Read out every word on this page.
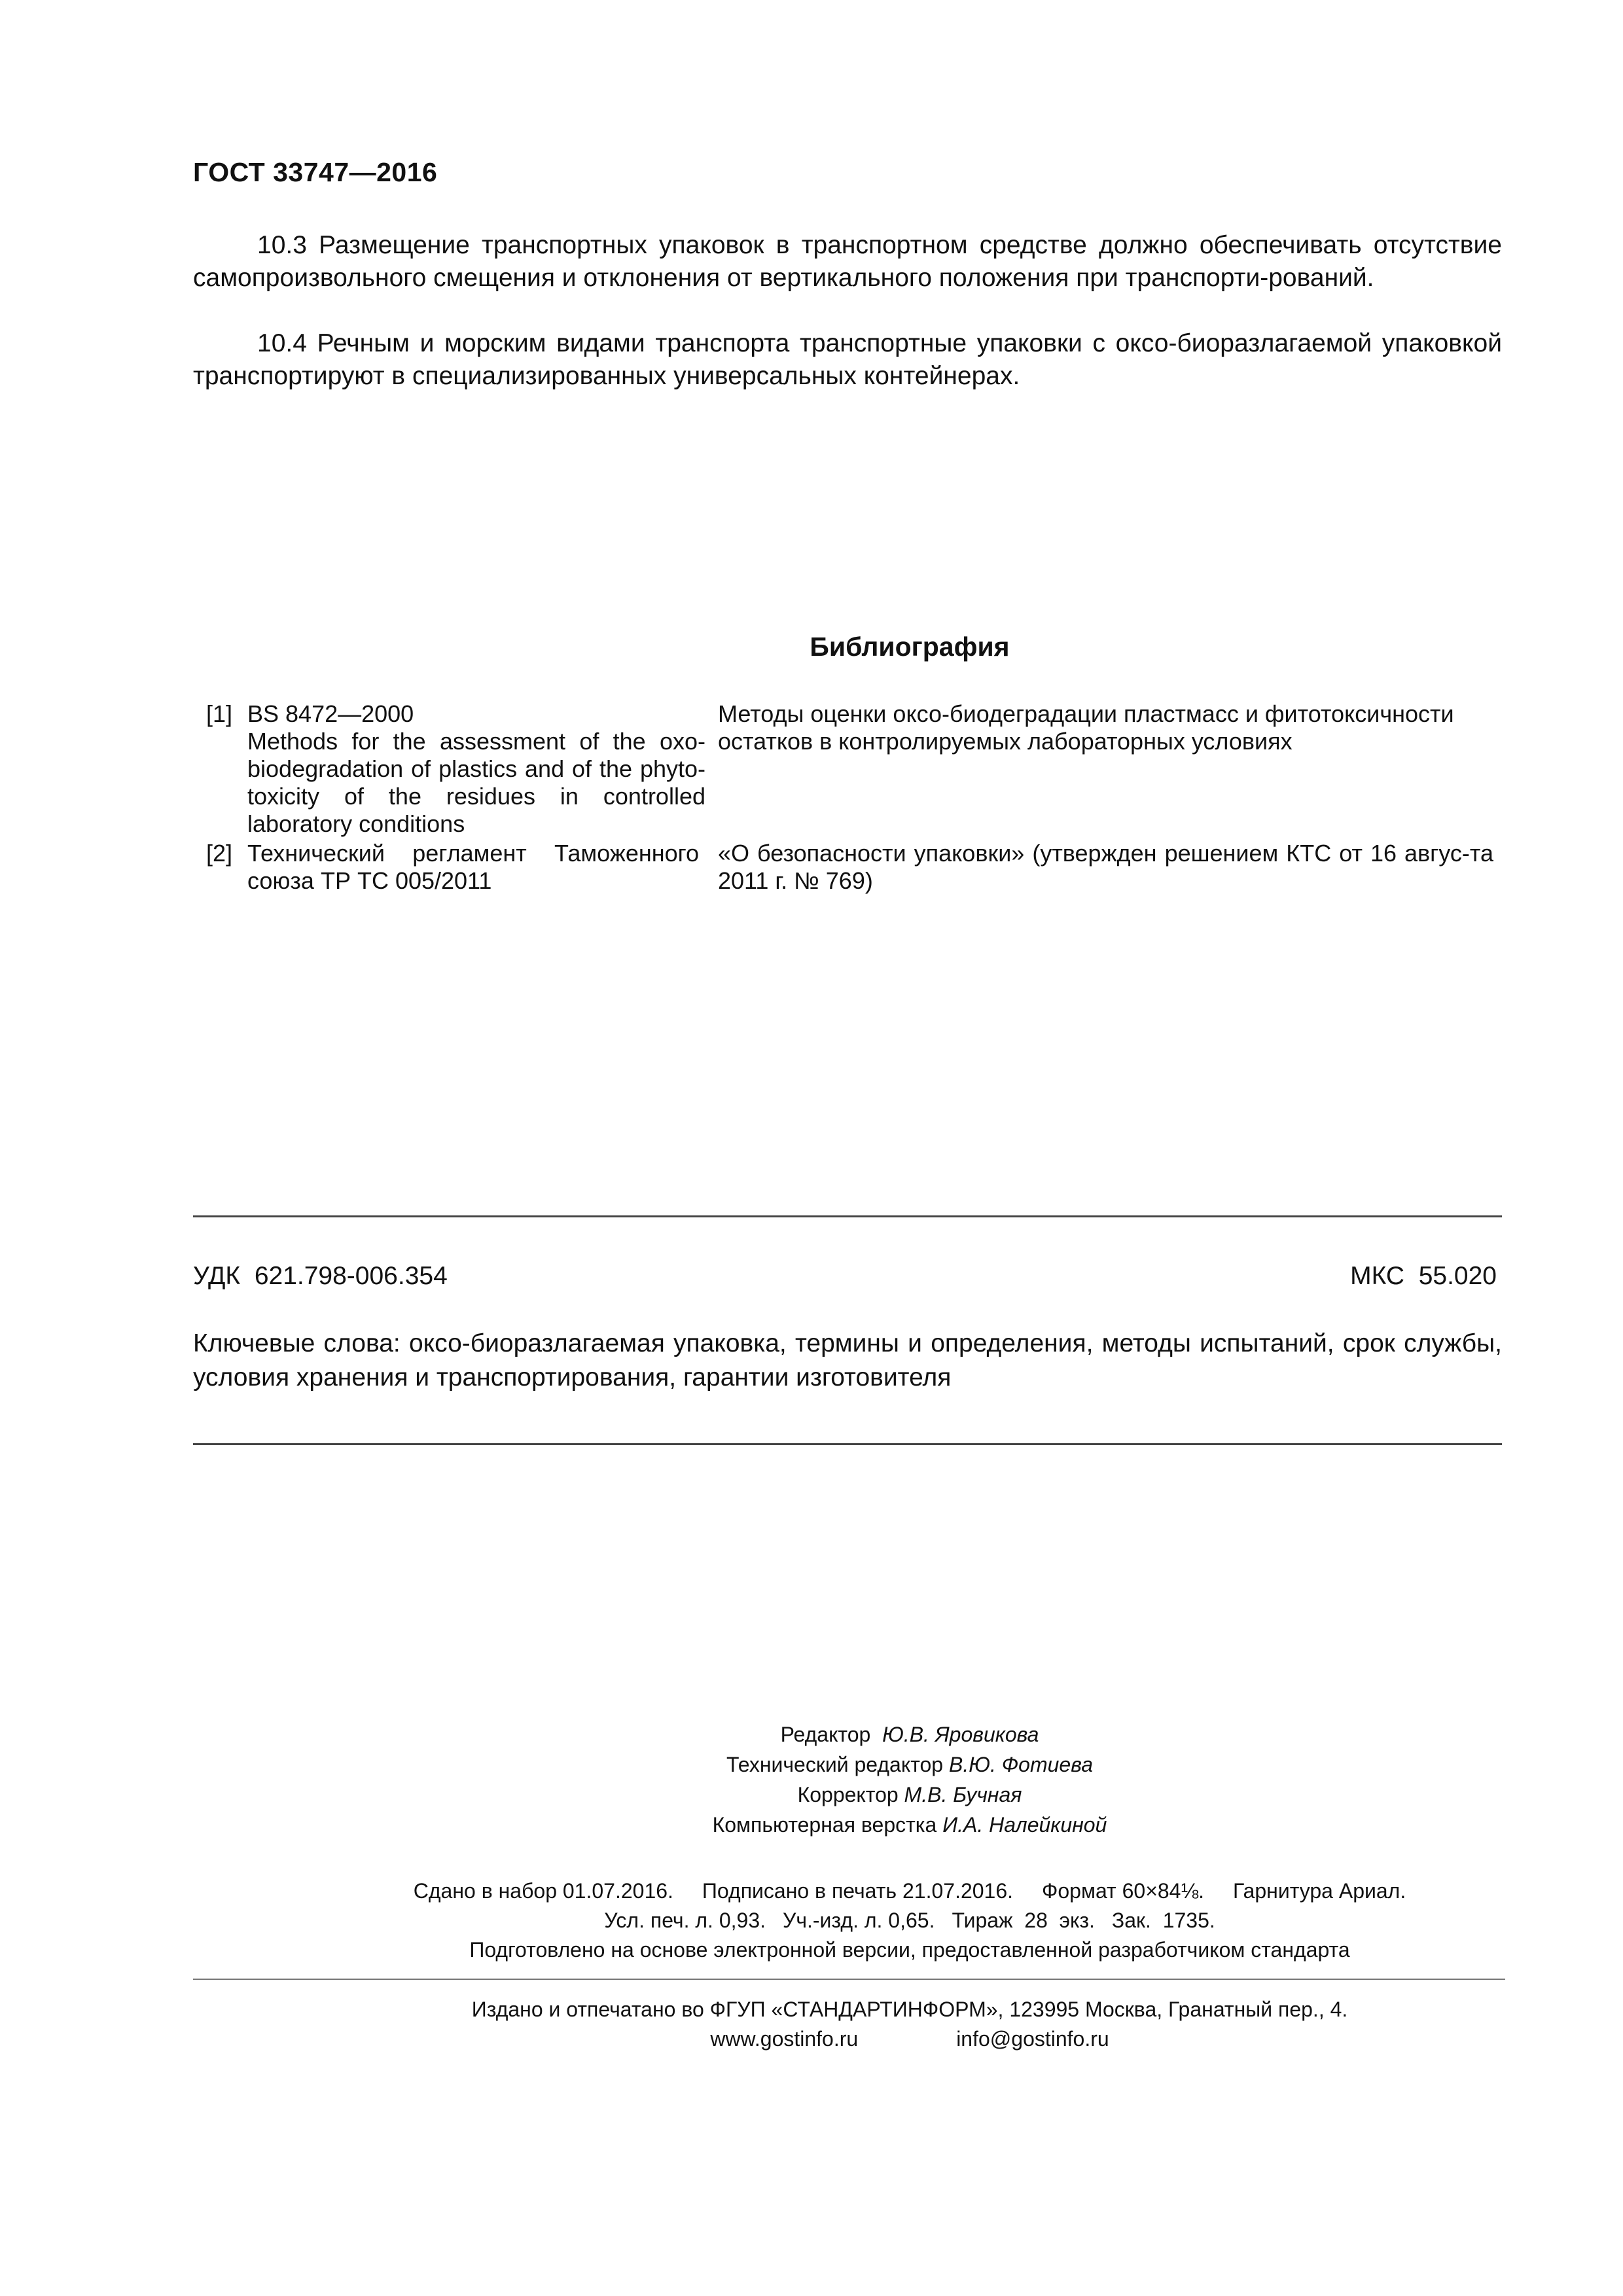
ГОСТ 33747—2016
10.3 Размещение транспортных упаковок в транспортном средстве должно обеспечивать отсутствие самопроизвольного смещения и отклонения от вертикального положения при транспорти-рований.
10.4 Речным и морским видами транспорта транспортные упаковки с оксо-биоразлагаемой упаковкой транспортируют в специализированных универсальных контейнерах.
Библиография
[1] BS 8472—2000
Methods for the assessment of the oxo-biodegradation of plastics and of the phyto-toxicity of the residues in controlled laboratory conditions
Методы оценки оксо-биодеградации пластмасс и фитотоксичности остатков в контролируемых лабораторных условиях
[2] Технический регламент Таможенного союза ТР ТС 005/2011
«О безопасности упаковки» (утвержден решением КТС от 16 авгус-та 2011 г. № 769)
УДК  621.798-006.354	МКС  55.020
Ключевые слова: оксо-биоразлагаемая упаковка, термины и определения, методы испытаний, срок службы, условия хранения и транспортирования, гарантии изготовителя
Редактор Ю.В. Яровикова
Технический редактор В.Ю. Фотиева
Корректор М.В. Бучная
Компьютерная верстка И.А. Налейкиной
Сдано в набор 01.07.2016. Подписано в печать 21.07.2016. Формат 60×84⅛. Гарнитура Ариал.
Усл. печ. л. 0,93. Уч.-изд. л. 0,65. Тираж  28  экз. Зак.  1735.
Подготовлено на основе электронной версии, предоставленной разработчиком стандарта
Издано и отпечатано во ФГУП «СТАНДАРТИНФОРМ», 123995 Москва, Гранатный пер., 4.
www.gostinfo.ru	info@gostinfo.ru
